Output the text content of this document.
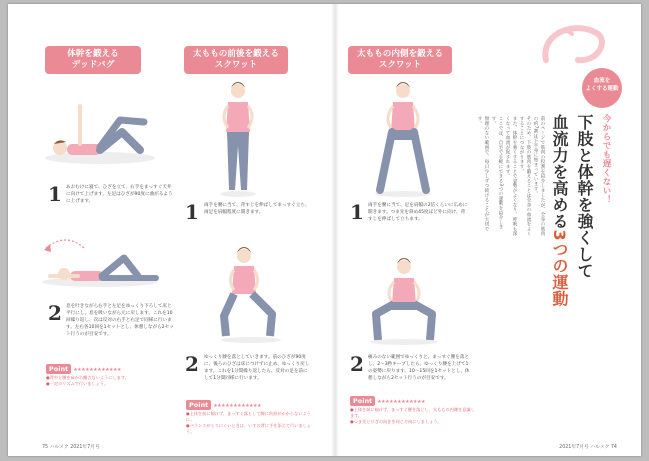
体幹を鍛える
デッドバグ
1 あおむけに寝て、ひざを立て、右手をまっすぐ天井に向けて上げます。左足はひざが90度に曲がるように上げます。
2 息を吐きながら右手と左足をゆっくり下ろして床と平行にし、息を吸いながら元に戻します。これを10回繰り返し、次は反対の右手と右足で同様に行います。左右各10回を1セットとし、休憩しながら2セット行うのが目安です。
Point ★★★★★★★★★★★★
●背中と腰を床から離さないようにします。
●一定のリズムで行いましょう。
太ももの前後を鍛える
スクワット
1 両手を腰に当て、背すじを伸ばしてまっすぐ立ち、両足を肩幅程度に開きます。
2 ゆっくり腰を落としていきます。前のひざが90度に、後ろのひざは床につけずに止め、ゆっくり戻します。これを1分間繰り返したら、反対の足を前にして1分間同様に行います。
Point ★★★★★★★★★★★★
●上体を前に傾けず、まっすぐ落として腰に負担がかからないように。
●バランスがとりにくいときは、いすの背に手を添えて行いましょう。
75 ハルメク 2021年7月号
太ももの内側を鍛える
スクワット
1 両手を腰に当て、足を肩幅の2倍くらいに広めに開きます。つま先を斜め45度ほど外に向け、背すじを伸ばして立ちます。
2 痛みのない範囲でゆっくりと、まっすぐ腰を落とし、2〜3秒キープしたら、ゆっくり腰を上げて1の姿勢に戻ります。10〜15回を1セットとし、休憩しながら2セット行うのが目安です。
Point ★★★★★★★★★★★★
●上体を前に傾けず、まっすぐ腰を落とし、太ももの内側を意識します。
●つま先とひざの向きを同じ方向にしましょう。
血流を
よくする運動
今からでも遅くない！
下肢と体幹を強くして
血流力を高める3つの運動
前のページで筋肉の役割を紹介しましたが、全身の筋肉の約7割は下半身に集まっています。
そのため、下肢の筋肉を鍛えることは全身の血流をよくすることにつながります。
また、体幹を強くすることで姿勢がよくなり、呼吸も深くなって血流が促されます。
ここでは、自宅で手軽にできる3つの運動を紹介します。
無理のない範囲で、毎日少しずつ続けることが大切です。
2021年7月号 ハルメク 74
